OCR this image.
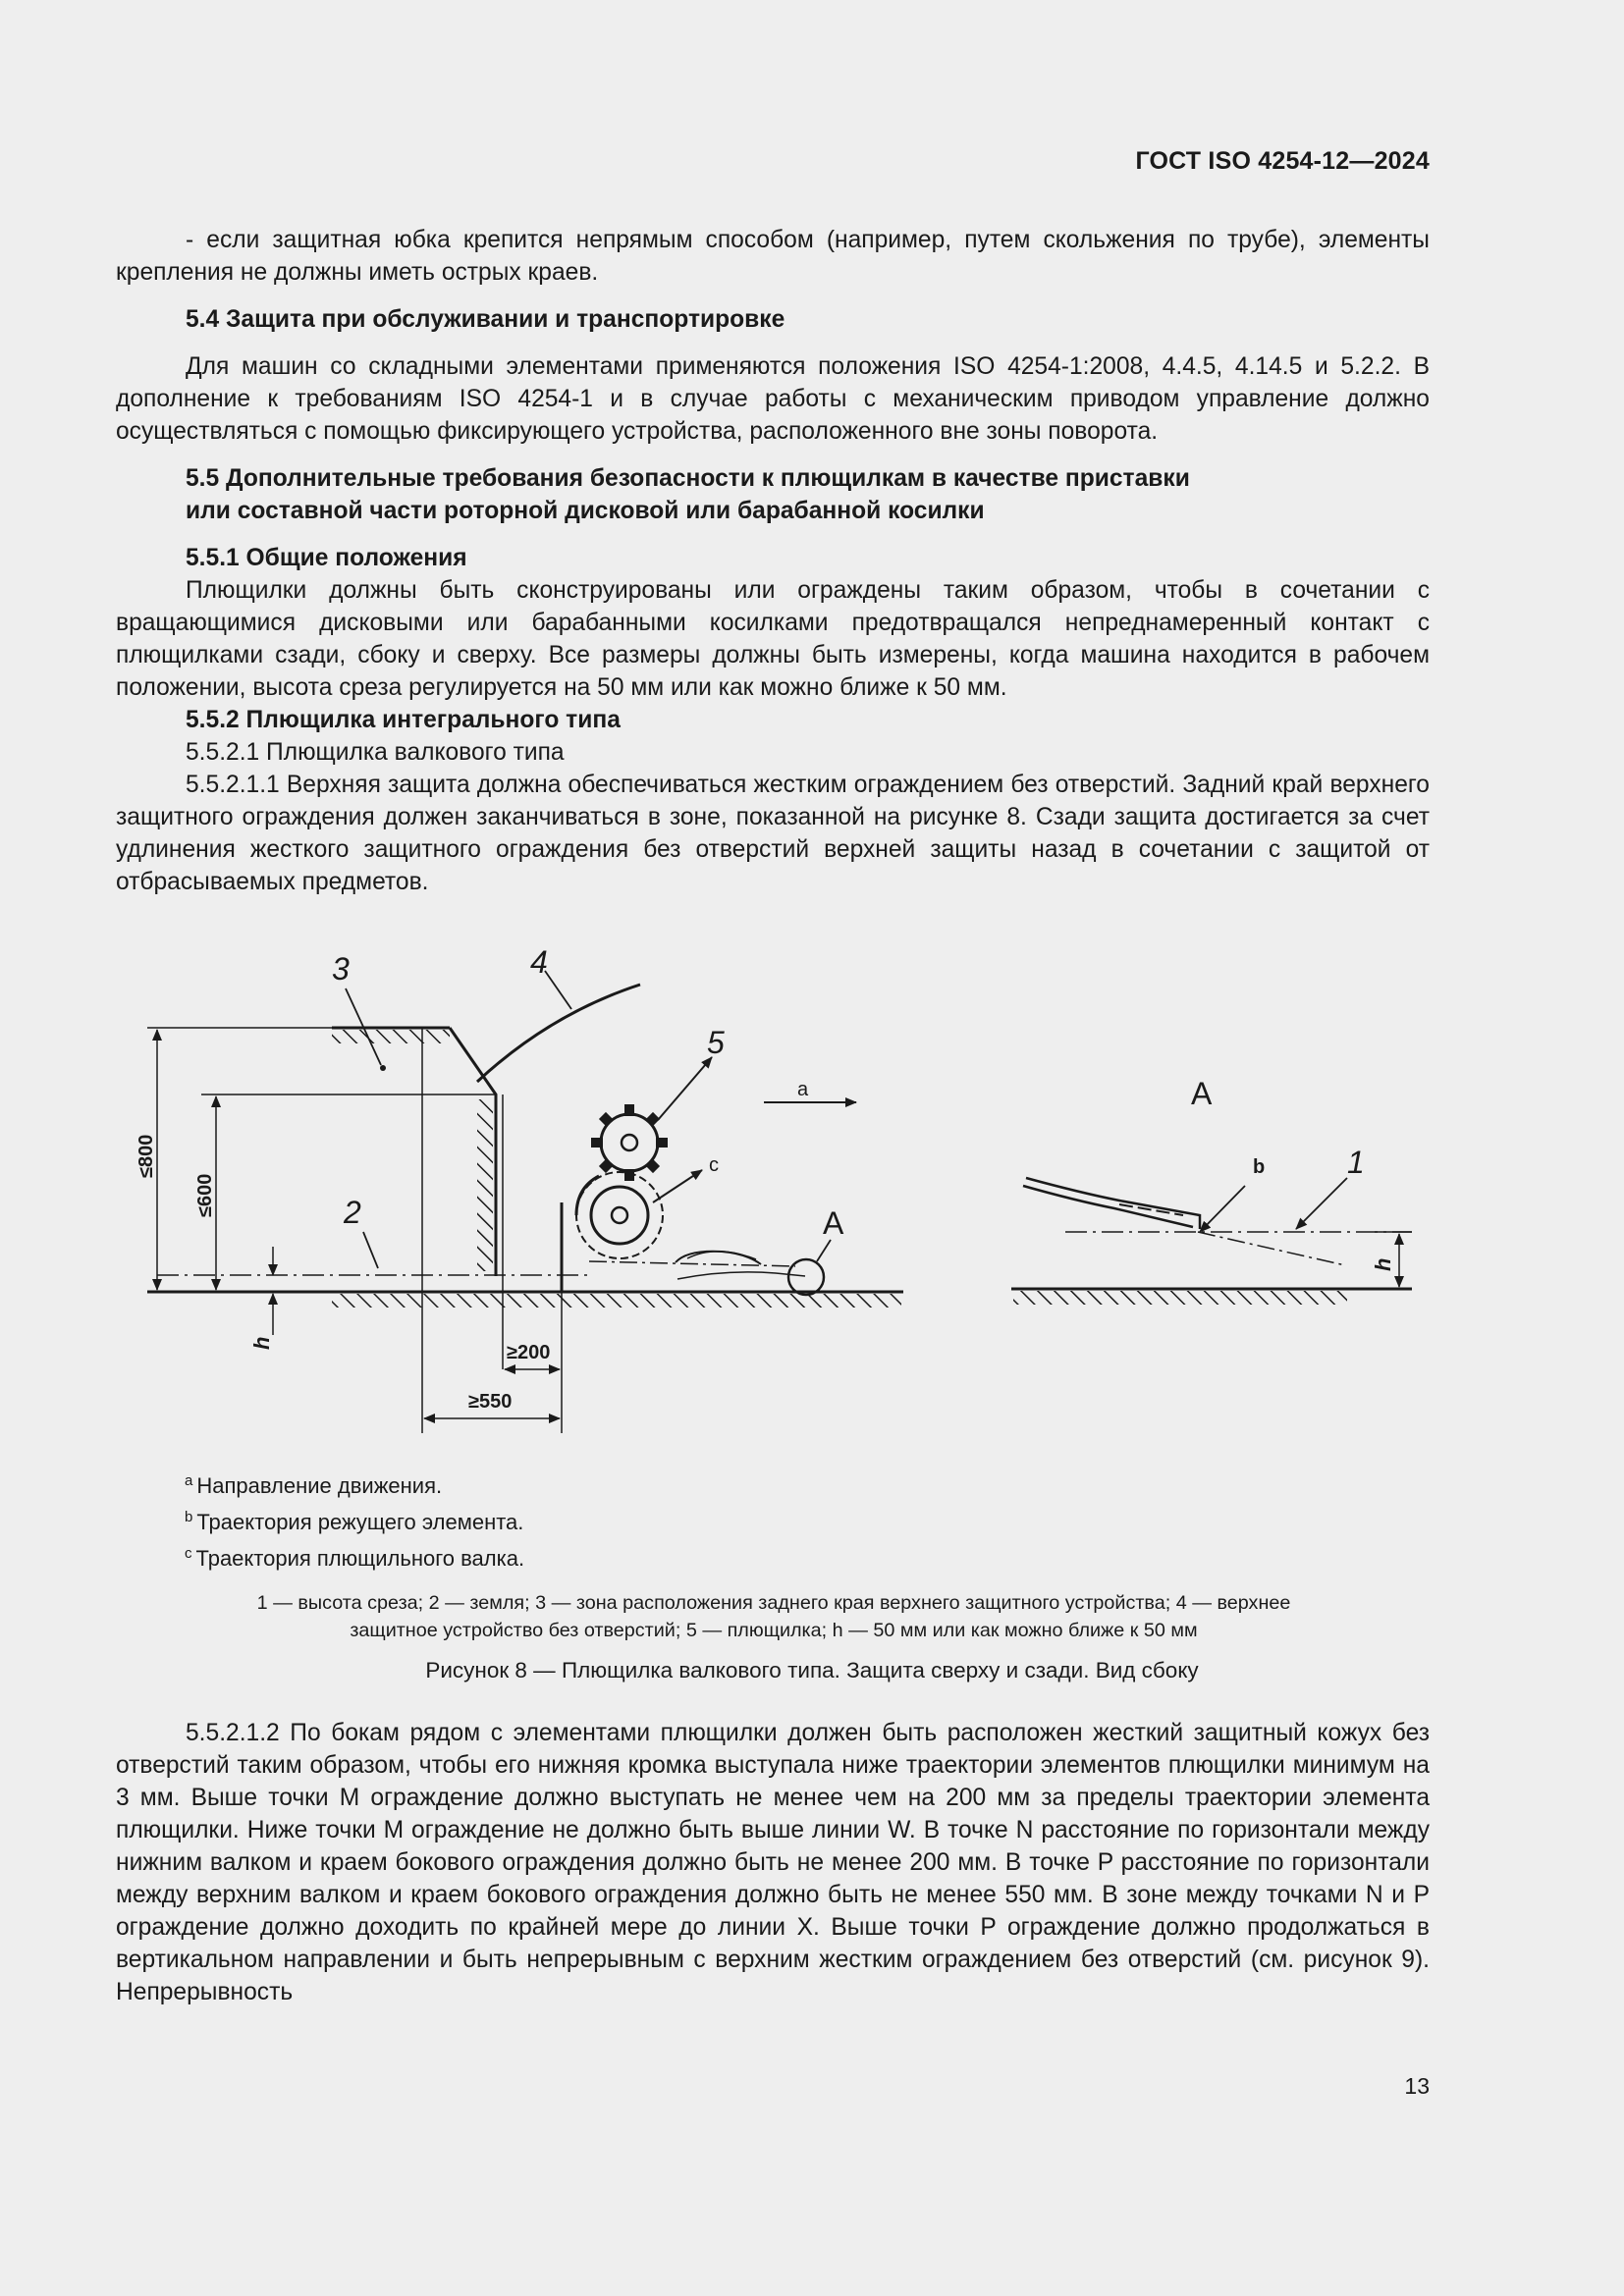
ГОСТ ISO 4254-12—2024

- если защитная юбка крепится непрямым способом (например, путем скольжения по трубе), элементы крепления не должны иметь острых краев.

5.4 Защита при обслуживании и транспортировке

Для машин со складными элементами применяются положения ISO 4254-1:2008, 4.4.5, 4.14.5 и 5.2.2. В дополнение к требованиям ISO 4254-1 и в случае работы с механическим приводом управление должно осуществляться с помощью фиксирующего устройства, расположенного вне зоны поворота.

5.5 Дополнительные требования безопасности к плющилкам в качестве приставки

или составной части роторной дисковой или барабанной косилки

5.5.1 Общие положения

Плющилки должны быть сконструированы или ограждены таким образом, чтобы в сочетании с вращающимися дисковыми или барабанными косилками предотвращался непреднамеренный контакт с плющилками сзади, сбоку и сверху. Все размеры должны быть измерены, когда машина находится в рабочем положении, высота среза регулируется на 50 мм или как можно ближе к 50 мм.

5.5.2 Плющилка интегрального типа

5.5.2.1 Плющилка валкового типа

5.5.2.1.1 Верхняя защита должна обеспечиваться жестким ограждением без отверстий. Задний край верхнего защитного ограждения должен заканчиваться в зоне, показанной на рисунке 8. Сзади защита достигается за счет удлинения жесткого защитного ограждения без отверстий верхней защиты назад в сочетании с защитой от отбрасываемых предметов.

3	4
5
2
a
c
A
≤800
≤600
h	≥200
≥550
A
b	1
h
$^a$ Направление движения.
$^b$ Траектория режущего элемента.
$^c$ Траектория плющильного валка.
1 — высота среза; 2 — земля; 3 — зона расположения заднего края верхнего защитного устройства; 4 — верхнее
защитное устройство без отверстий; 5 — плющилка; h — 50 мм или как можно ближе к 50 мм
Рисунок 8 — Плющилка валкового типа. Защита сверху и сзади. Вид сбоку

5.5.2.1.2 По бокам рядом с элементами плющилки должен быть расположен жесткий защитный кожух без отверстий таким образом, чтобы его нижняя кромка выступала ниже траектории элементов плющилки минимум на 3 мм. Выше точки M ограждение должно выступать не менее чем на 200 мм за пределы траектории элемента плющилки. Ниже точки M ограждение не должно быть выше линии W. В точке N расстояние по горизонтали между нижним валком и краем бокового ограждения должно быть не менее 200 мм. В точке P расстояние по горизонтали между верхним валком и краем бокового ограждения должно быть не менее 550 мм. В зоне между точками N и P ограждение должно доходить по крайней мере до линии X. Выше точки P ограждение должно продолжаться в вертикальном направлении и быть непрерывным с верхним жестким ограждением без отверстий (см. рисунок 9). Непрерывность

13
